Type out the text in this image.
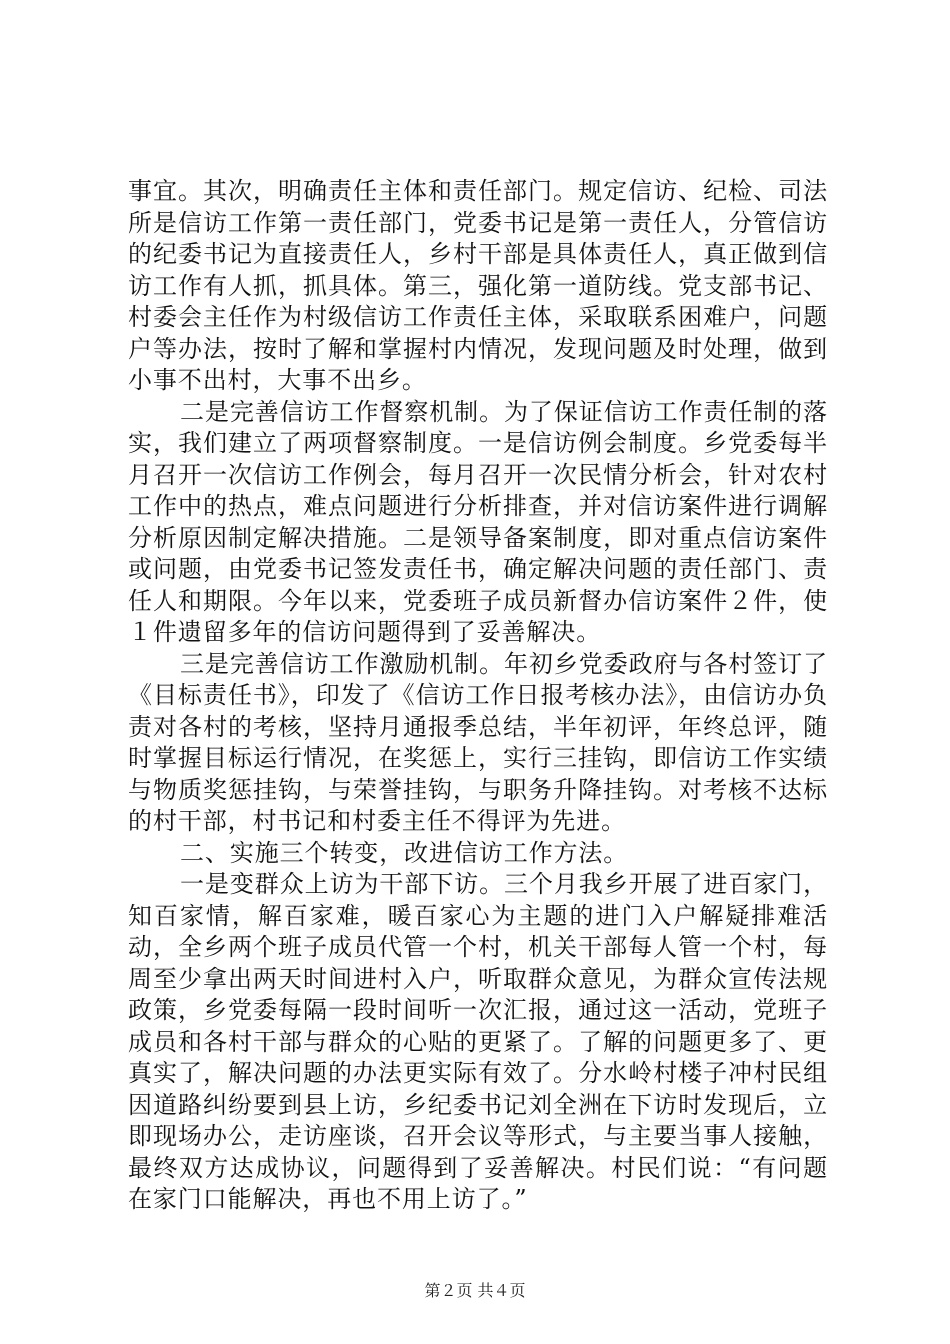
事宜。其次，明确责任主体和责任部门。规定信访、纪检、司法所是信访工作第一责任部门，党委书记是第一责任人，分管信访的纪委书记为直接责任人，乡村干部是具体责任人，真正做到信访工作有人抓，抓具体。第三，强化第一道防线。党支部书记、村委会主任作为村级信访工作责任主体，采取联系困难户，问题户等办法，按时了解和掌握村内情况，发现问题及时处理，做到小事不出村，大事不出乡。

二是完善信访工作督察机制。为了保证信访工作责任制的落实，我们建立了两项督察制度。一是信访例会制度。乡党委每半月召开一次信访工作例会，每月召开一次民情分析会，针对农村工作中的热点，难点问题进行分析排查，并对信访案件进行调解分析原因制定解决措施。二是领导备案制度，即对重点信访案件或问题，由党委书记签发责任书，确定解决问题的责任部门、责任人和期限。今年以来，党委班子成员新督办信访案件２件，使１件遗留多年的信访问题得到了妥善解决。

三是完善信访工作激励机制。年初乡党委政府与各村签订了《目标责任书》，印发了《信访工作日报考核办法》，由信访办负责对各村的考核，坚持月通报季总结，半年初评，年终总评，随时掌握目标运行情况，在奖惩上，实行三挂钩，即信访工作实绩与物质奖惩挂钩，与荣誉挂钩，与职务升降挂钩。对考核不达标的村干部，村书记和村委主任不得评为先进。

二、实施三个转变，改进信访工作方法。

一是变群众上访为干部下访。三个月我乡开展了进百家门，知百家情，解百家难，暖百家心为主题的进门入户解疑排难活动，全乡两个班子成员代管一个村，机关干部每人管一个村，每周至少拿出两天时间进村入户，听取群众意见，为群众宣传法规政策，乡党委每隔一段时间听一次汇报，通过这一活动，党班子成员和各村干部与群众的心贴的更紧了。了解的问题更多了、更真实了，解决问题的办法更实际有效了。分水岭村楼子冲村民组因道路纠纷要到县上访，乡纪委书记刘全洲在下访时发现后，立即现场办公，走访座谈，召开会议等形式，与主要当事人接触，最终双方达成协议，问题得到了妥善解决。村民们说：“有问题在家门口能解决，再也不用上访了。”

第２页 共４页
